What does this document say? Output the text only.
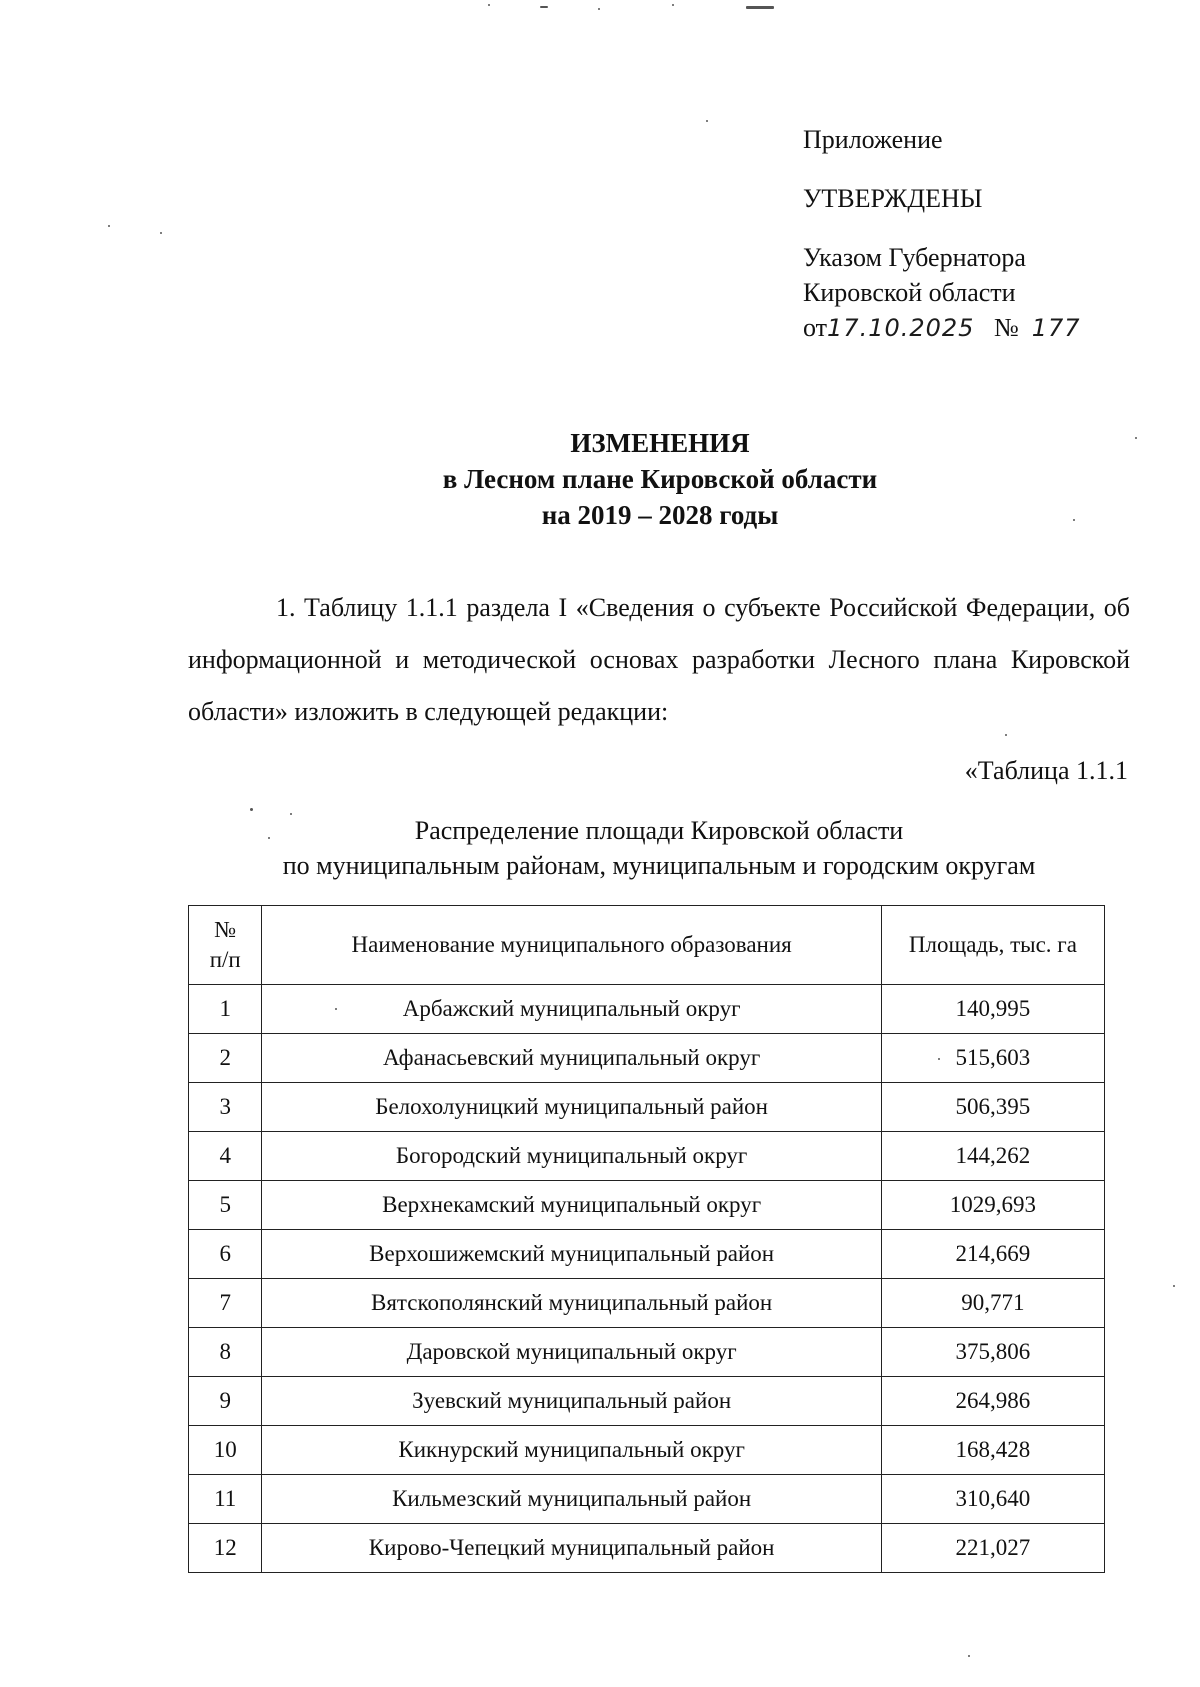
Приложение
УТВЕРЖДЕНЫ
Указом Губернатора
Кировской области
от17.10.2025 № 177
ИЗМЕНЕНИЯ
в Лесном плане Кировской области
на 2019 – 2028 годы
1. Таблицу 1.1.1 раздела I «Сведения о субъекте Российской Федерации, об информационной и методической основах разработки Лесного плана Кировской области» изложить в следующей редакции:
«Таблица 1.1.1
Распределение площади Кировской области
по муниципальным районам, муниципальным и городским округам
№
п/п	Наименование муниципального образования	Площадь, тыс. га
1	Арбажский муниципальный округ	140,995
2	Афанасьевский муниципальный округ	515,603
3	Белохолуницкий муниципальный район	506,395
4	Богородский муниципальный округ	144,262
5	Верхнекамский муниципальный округ	1029,693
6	Верхошижемский муниципальный район	214,669
7	Вятскополянский муниципальный район	90,771
8	Даровской муниципальный округ	375,806
9	Зуевский муниципальный район	264,986
10	Кикнурский муниципальный округ	168,428
11	Кильмезский муниципальный район	310,640
12	Кирово-Чепецкий муниципальный район	221,027
